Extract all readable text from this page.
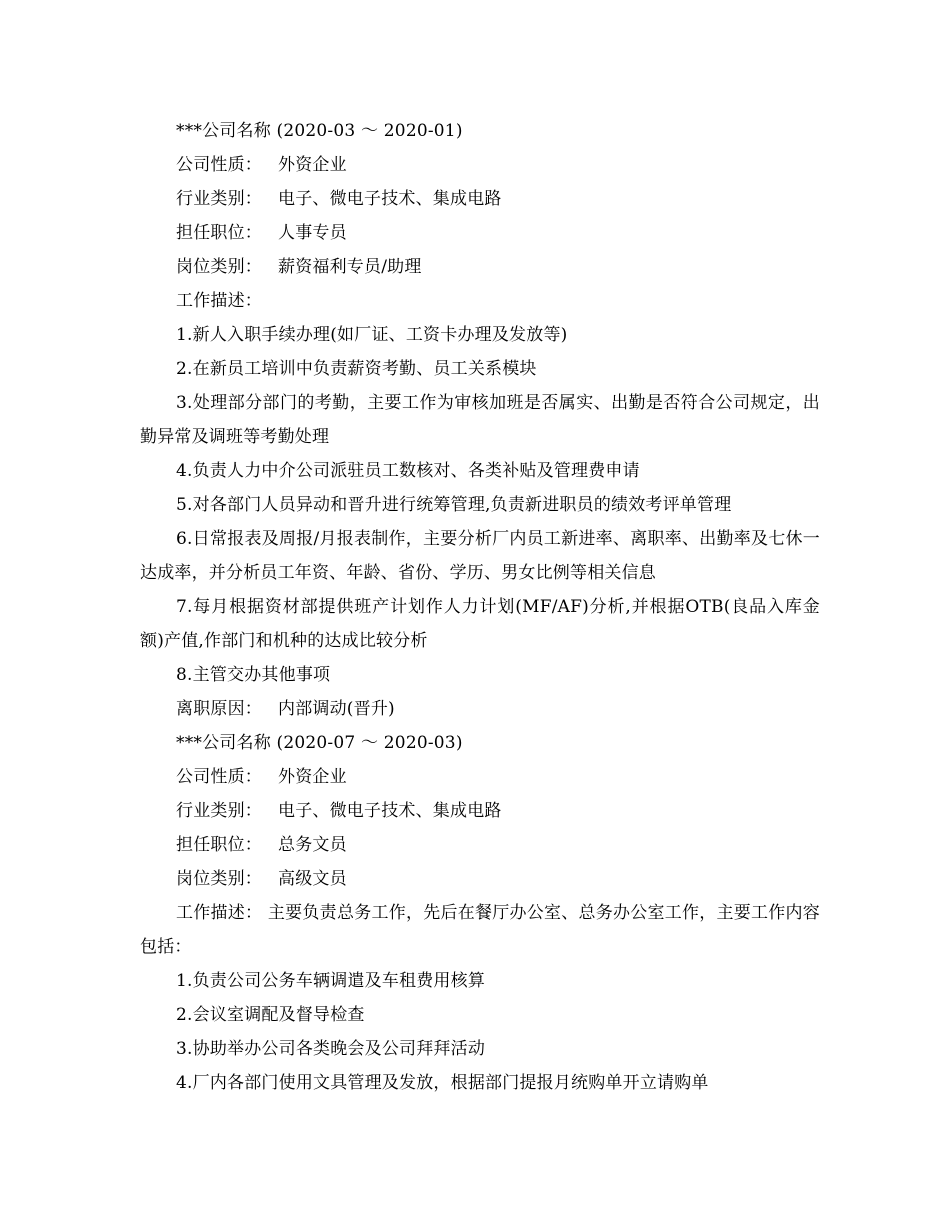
***公司名称 (2020-03 ～ 2020-01)
公司性质： 外资企业
行业类别： 电子、微电子技术、集成电路
担任职位： 人事专员
岗位类别： 薪资福利专员/助理
工作描述：
1.新人入职手续办理(如厂证、工资卡办理及发放等)
2.在新员工培训中负责薪资考勤、员工关系模块
3.处理部分部门的考勤，主要工作为审核加班是否属实、出勤是否符合公司规定，出勤异常及调班等考勤处理
4.负责人力中介公司派驻员工数核对、各类补贴及管理费申请
5.对各部门人员异动和晋升进行统筹管理,负责新进职员的绩效考评单管理
6.日常报表及周报/月报表制作，主要分析厂内员工新进率、离职率、出勤率及七休一达成率，并分析员工年资、年龄、省份、学历、男女比例等相关信息
7.每月根据资材部提供班产计划作人力计划(MF/AF)分析,并根据OTB(良品入库金额)产值,作部门和机种的达成比较分析
8.主管交办其他事项
离职原因： 内部调动(晋升)
***公司名称 (2020-07 ～ 2020-03)
公司性质： 外资企业
行业类别： 电子、微电子技术、集成电路
担任职位： 总务文员
岗位类别： 高级文员
工作描述： 主要负责总务工作，先后在餐厅办公室、总务办公室工作，主要工作内容包括：
1.负责公司公务车辆调遣及车租费用核算
2.会议室调配及督导检查
3.协助举办公司各类晚会及公司拜拜活动
4.厂内各部门使用文具管理及发放，根据部门提报月统购单开立请购单
